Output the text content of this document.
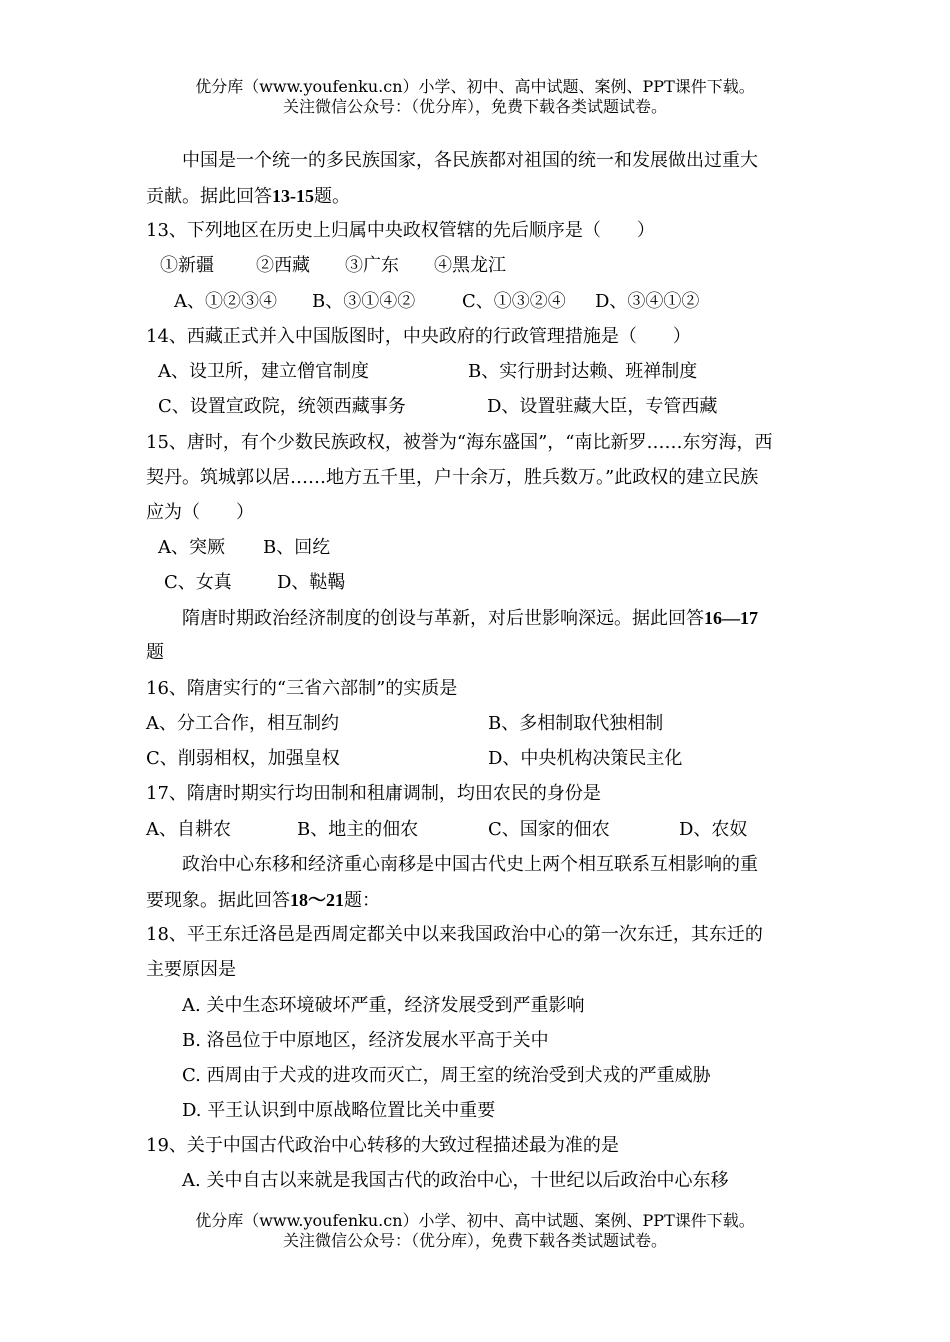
优分库（www.youfenku.cn）小学、初中、高中试题、案例、PPT课件下载。
关注微信公众号：（优分库），免费下载各类试题试卷。
中国是一个统一的多民族国家，各民族都对祖国的统一和发展做出过重大
贡献。据此回答13-15题。
13、下列地区在历史上归属中央政权管辖的先后顺序是（　　）
①新疆 ②西藏 ③广东 ④黑龙江
A、①②③④ B、③①④②	C、①③②④ D、③④①②
14、西藏正式并入中国版图时，中央政府的行政管理措施是（　　）
A、设卫所，建立僧官制度	B、实行册封达赖、班禅制度
C、设置宣政院，统领西藏事务	D、设置驻藏大臣，专管西藏
15、唐时，有个少数民族政权，被誉为“海东盛国”，“南比新罗……东穷海，西
契丹。筑城郭以居……地方五千里，户十余万，胜兵数万。”此政权的建立民族
应为（　　）
A、突厥 B、回纥
C、女真	D、鞑鞨
隋唐时期政治经济制度的创设与革新，对后世影响深远。据此回答16—17
题
16、隋唐实行的“三省六部制”的实质是
A、分工合作，相互制约	B、多相制取代独相制
C、削弱相权，加强皇权	D、中央机构决策民主化
17、隋唐时期实行均田制和租庸调制，均田农民的身份是
A、自耕农	B、地主的佃农	C、国家的佃农	D、农奴
政治中心东移和经济重心南移是中国古代史上两个相互联系互相影响的重
要现象。据此回答18～21题：
18、平王东迁洛邑是西周定都关中以来我国政治中心的第一次东迁，其东迁的
主要原因是
A. 关中生态环境破坏严重，经济发展受到严重影响
B. 洛邑位于中原地区，经济发展水平高于关中
C. 西周由于犬戎的进攻而灭亡，周王室的统治受到犬戎的严重威胁
D. 平王认识到中原战略位置比关中重要
19、关于中国古代政治中心转移的大致过程描述最为准的是
A. 关中自古以来就是我国古代的政治中心，十世纪以后政治中心东移
优分库（www.youfenku.cn）小学、初中、高中试题、案例、PPT课件下载。
关注微信公众号：（优分库），免费下载各类试题试卷。
